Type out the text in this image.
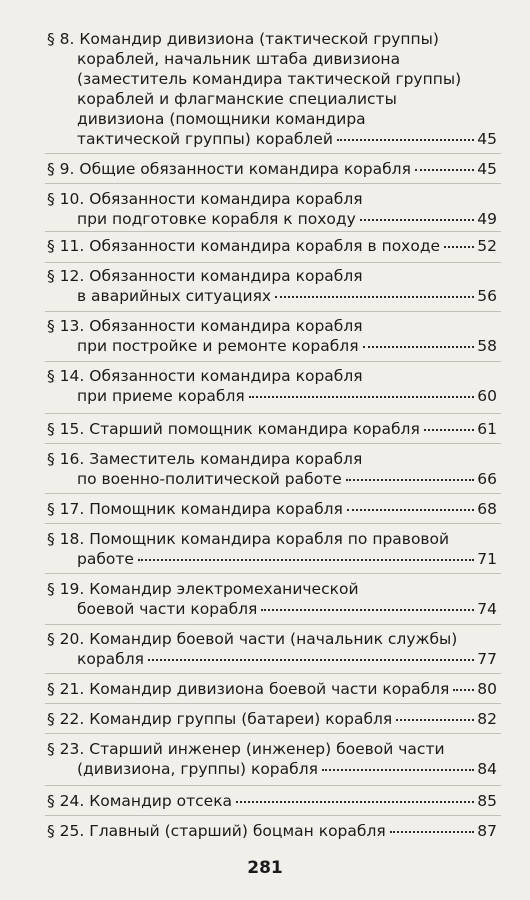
§ 8. Командир дивизиона (тактической группы)
кораблей, начальник штаба дивизиона
(заместитель командира тактической группы)
кораблей и флагманские специалисты
дивизиона (помощники командира
тактической группы) кораблей	45
§ 9. Общие обязанности командира корабля	45
§ 10. Обязанности командира корабля
при подготовке корабля к походу	49
§ 11. Обязанности командира корабля в походе 52
§ 12. Обязанности командира корабля
в аварийных ситуациях	56
§ 13. Обязанности командира корабля
при постройке и ремонте корабля	58
§ 14. Обязанности командира корабля
при приеме корабля	60
§ 15. Старший помощник командира корабля	61
§ 16. Заместитель командира корабля
по военно-политической работе	66
§ 17. Помощник командира корабля	68
§ 18. Помощник командира корабля по правовой
работе	71
§ 19. Командир электромеханической
боевой части корабля	74
§ 20. Командир боевой части (начальник службы)
корабля	77
§ 21. Командир дивизиона боевой части корабля 80
§ 22. Командир группы (батареи) корабля	82
§ 23. Старший инженер (инженер) боевой части
(дивизиона, группы) корабля	84
§ 24. Командир отсека	85
§ 25. Главный (старший) боцман корабля	87
281
